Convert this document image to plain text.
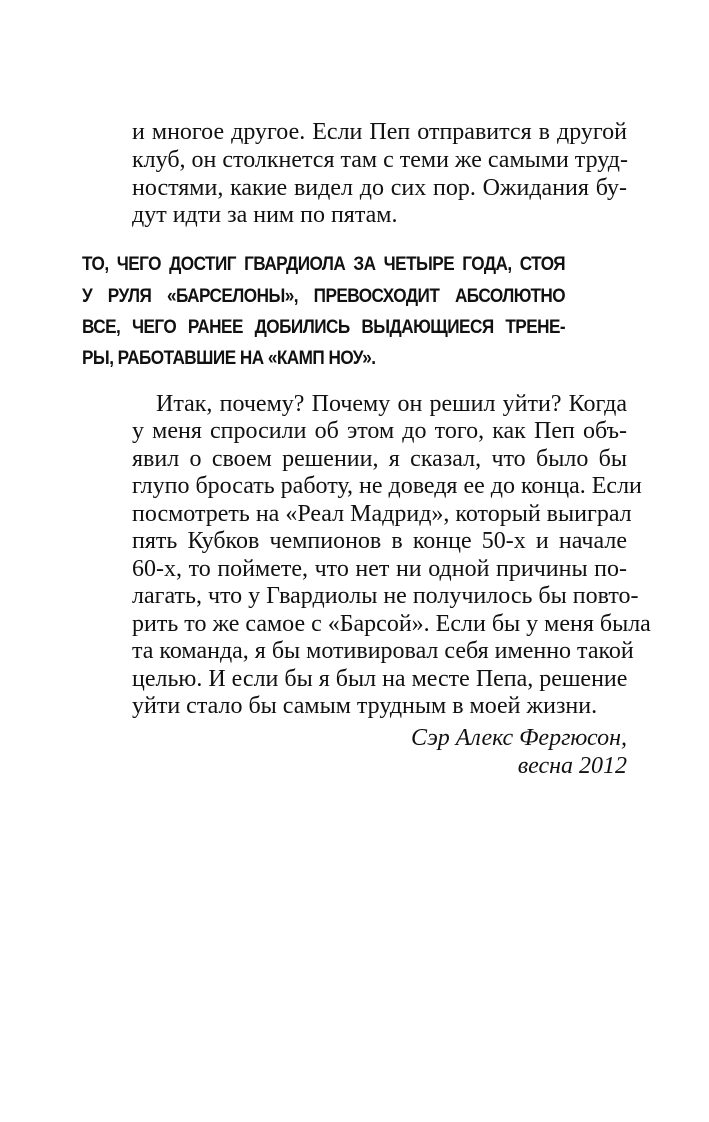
и многое другое. Если Пеп отправится в другой

клуб, он столкнется там с теми же самыми труд-

ностями, какие видел до сих пор. Ожидания бу-

дут идти за ним по пятам.

ТО, ЧЕГО ДОСТИГ ГВАРДИОЛА ЗА ЧЕТЫРЕ ГОДА, СТОЯ

У РУЛЯ «БАРСЕЛОНЫ», ПРЕВОСХОДИТ АБСОЛЮТНО

ВСЕ, ЧЕГО РАНЕЕ ДОБИЛИСЬ ВЫДАЮЩИЕСЯ ТРЕНЕ-

РЫ, РАБОТАВШИЕ НА «КАМП НОУ».

Итак, почему? Почему он решил уйти? Когда

у меня спросили об этом до того, как Пеп объ-

явил о своем решении, я сказал, что было бы

глупо бросать работу, не доведя ее до конца. Если

посмотреть на «Реал Мадрид», который выиграл

пять Кубков чемпионов в конце 50-х и начале

60-х, то поймете, что нет ни одной причины по-

лагать, что у Гвардиолы не получилось бы повто-

рить то же самое с «Барсой». Если бы у меня была

та команда, я бы мотивировал себя именно такой

целью. И если бы я был на месте Пепа, решение

уйти стало бы самым трудным в моей жизни.

Сэр Алекс Фергюсон,

весна 2012
